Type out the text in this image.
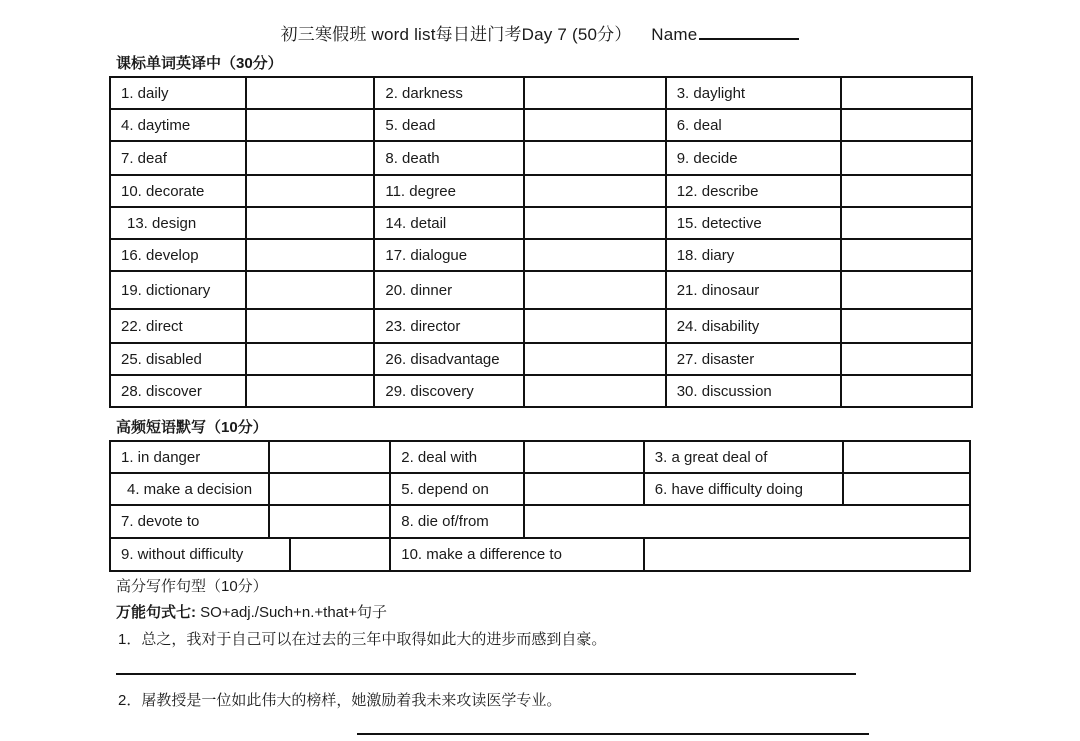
初三寒假班 word list每日进门考Day 7 (50分） Name
课标单词英译中（30分）
1. daily		2. darkness		3. daylight	
4. daytime		5. dead		6. deal	
7. deaf		8. death		9. decide	
10. decorate		11. degree		12. describe	
13. design		14. detail		15. detective	
16. develop		17. dialogue		18. diary	
19. dictionary		20. dinner		21. dinosaur	
22. direct		23. director		24. disability	
25. disabled		26. disadvantage		27. disaster	
28. discover		29. discovery		30. discussion	
高频短语默写（10分）
1. in danger			2. deal with		3. a great deal of	
4. make a decision			5. depend on		6. have difficulty doing	
7. devote to			8. die of/from			
9. without difficulty			10. make a difference to			
高分写作句型（10分）
万能句式七: SO+adj./Such+n.+that+句子
1．总之，我对于自己可以在过去的三年中取得如此大的进步而感到自豪。
2．屠教授是一位如此伟大的榜样，她激励着我未来攻读医学专业。
